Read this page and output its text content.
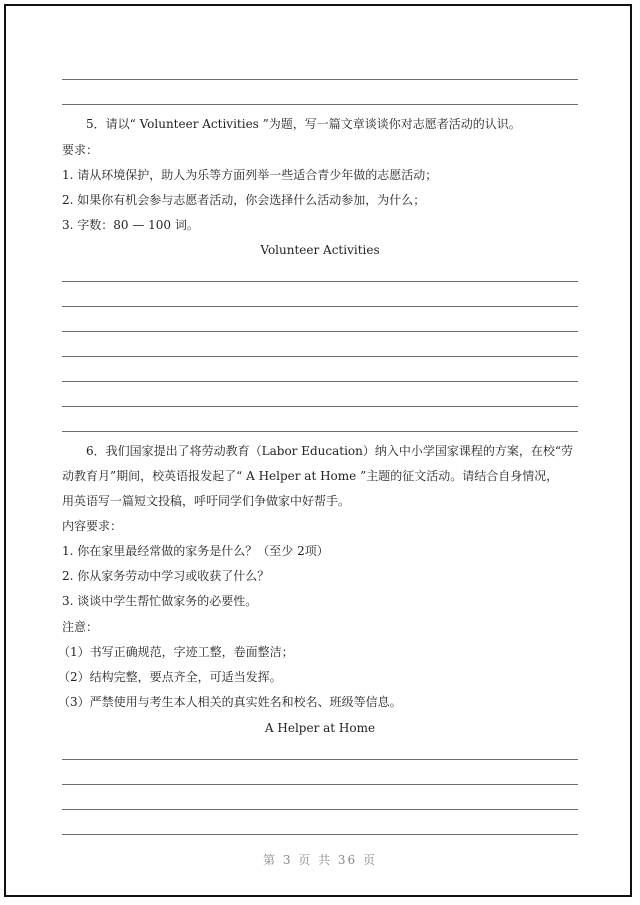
5．请以“ Volunteer Activities ”为题，写一篇文章谈谈你对志愿者活动的认识。
要求：
1. 请从环境保护，助人为乐等方面列举一些适合青少年做的志愿活动；
2. 如果你有机会参与志愿者活动，你会选择什么活动参加，为什么；
3. 字数：80 — 100 词。
Volunteer Activities
6．我们国家提出了将劳动教育（Labor Education）纳入中小学国家课程的方案，在校“劳
动教育月”期间，校英语报发起了“ A Helper at Home ”主题的征文活动。请结合自身情况，
用英语写一篇短文投稿，呼吁同学们争做家中好帮手。
内容要求：
1. 你在家里最经常做的家务是什么？（至少 2项）
2. 你从家务劳动中学习或收获了什么？
3. 谈谈中学生帮忙做家务的必要性。
注意：
（1）书写正确规范，字迹工整，卷面整洁；
（2）结构完整，要点齐全，可适当发挥。
（3）严禁使用与考生本人相关的真实姓名和校名、班级等信息。
A Helper at Home
第 3 页 共 36 页
